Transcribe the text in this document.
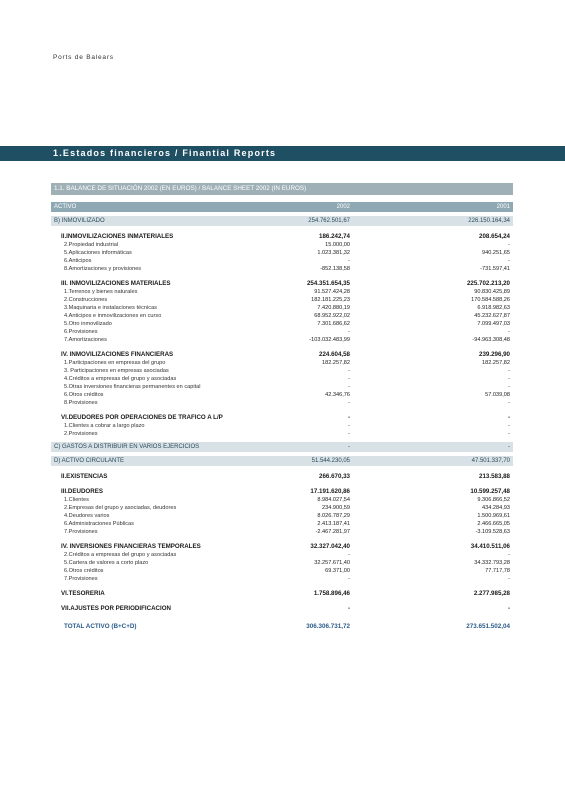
Ports de Balears
1.Estados financieros / Finantial Reports
1.1. BALANCE DE SITUACIÓN 2002 (EN EUROS) / BALANCE SHEET 2002 (IN EUROS)
ACTIVO	2002	2001
B) INMOVILIZADO	254.762.501,67	226.150.164,34
II.INMOVILIZACIONES INMATERIALES	186.242,74	208.654,24
2.Propiedad industrial	15.000,00	-
5.Aplicaciones informáticas	1.023.381,32	940.251,65
6.Anticipos	-	-
8.Amortizaciones y provisiones	-852.138,58	-731.597,41
III. INMOVILIZACIONES MATERIALES	254.351.654,35	225.702.213,20
1.Terrenos y bienes naturales	91.527.424,28	90.830.425,89
2.Construcciones	182.181.225,23	170.584.588,26
3.Maquinaria e instalaciones técnicas	7.420.880,19	6.918.982,63
4.Anticipos e inmovilizaciones en curso	68.952.922,02	45.232.627,87
5.Otro inmovilizado	7.301.686,62	7.099.497,03
6.Provisiones	-	-
7.Amortizaciones	-103.032.483,99	-94.963.308,48
IV. INMOVILIZACIONES FINANCIERAS	224.604,58	239.296,90
1.Participaciones en empresas del grupo	182.257,82	182.257,82
3. Participaciones en empresas asociadas	-	-
4.Créditos a empresas del grupo y asociadas	-	-
5.Otras inversiones financieras permanentes en capital	-	-
6.Otros créditos	42.346,76	57.039,08
8.Provisiones	-	-
VI.DEUDORES POR OPERACIONES DE TRAFICO A L/P	-	-
1.Clientes a cobrar a largo plazo	-	-
2.Provisiones	-	-
C) GASTOS A DISTRIBUIR EN VARIOS EJERCICIOS	-	-
D) ACTIVO CIRCULANTE	51.544.230,05	47.501.337,70
II.EXISTENCIAS	266.670,33	213.583,88
III.DEUDORES	17.191.620,86	10.599.257,48
1.Clientes	8.984.027,54	9.306.866,52
2.Empresas del grupo y asociadas, deudores	234.900,59	434.284,93
4.Deudores varios	8.026.787,29	1.500.969,61
6.Administraciones Públicas	2.413.187,41	2.466.665,05
7.Provisiones	-2.467.281,97	-3.109.528,63
IV. INVERSIONES FINANCIERAS TEMPORALES	32.327.042,40	34.410.511,06
2.Créditos a empresas del grupo y asociadas	-	-
5.Cartera de valores a corto plazo	32.257.671,40	34.332.793,28
6.Otros créditos	69.371,00	77.717,78
7.Provisiones	-	-
VI.TESORERIA	1.758.896,46	2.277.985,28
VII.AJUSTES POR PERIODIFICACION	-	-
TOTAL ACTIVO (B+C+D)	306.306.731,72	273.651.502,04
